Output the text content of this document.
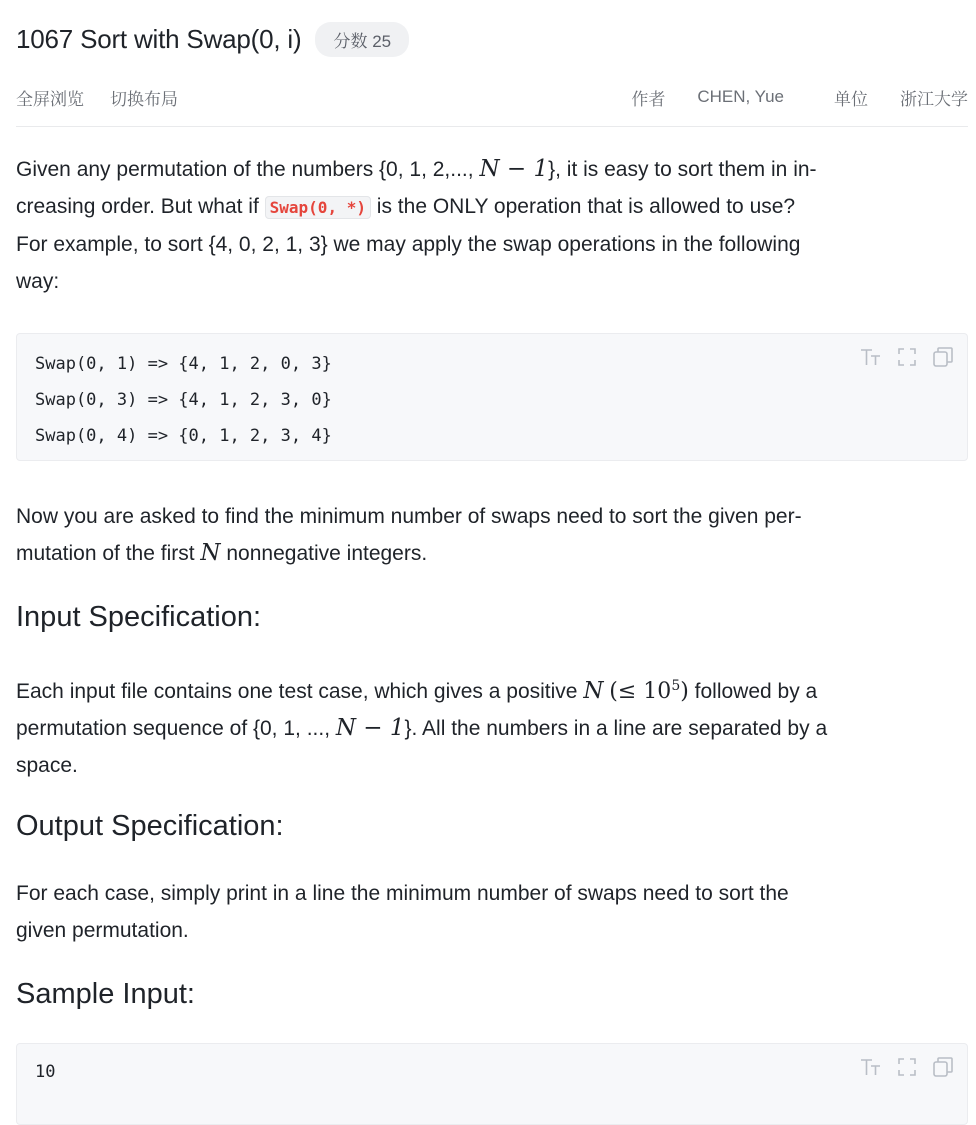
1067 Sort with Swap(0, i)	分数 25
全屏浏览 切换布局	作者 CHEN, Yue	单位 浙江大学

Given any permutation of the numbers {0, 1, 2,..., N − 1}, it is easy to sort them in in-
creasing order. But what if Swap(0, *) is the ONLY operation that is allowed to use?
For example, to sort {4, 0, 2, 1, 3} we may apply the swap operations in the following
way:

Swap(0, 1) => {4, 1, 2, 0, 3}
Swap(0, 3) => {4, 1, 2, 3, 0}
Swap(0, 4) => {0, 1, 2, 3, 4}

Now you are asked to find the minimum number of swaps need to sort the given per-
mutation of the first N nonnegative integers.

Input Specification:

Each input file contains one test case, which gives a positive N (≤ $10^5$) followed by a
permutation sequence of {0, 1, ..., N − 1}. All the numbers in a line are separated by a
space.

Output Specification:

For each case, simply print in a line the minimum number of swaps need to sort the
given permutation.

Sample Input:
10
